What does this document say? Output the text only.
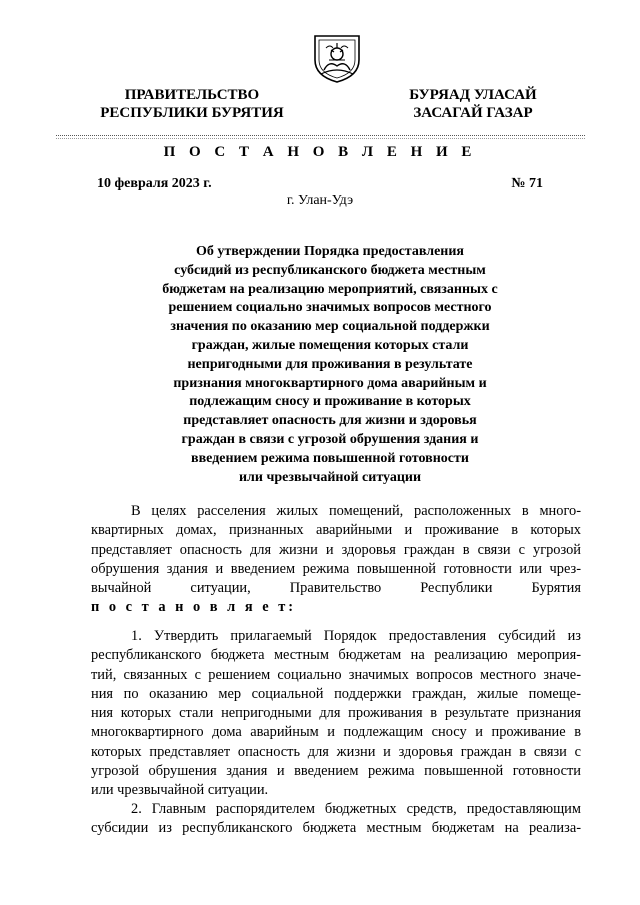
ПРАВИТЕЛЬСТВО
РЕСПУБЛИКИ БУРЯТИЯ
БУРЯАД УЛАСАЙ
ЗАСАГАЙ ГАЗАР
П О С Т А Н О В Л Е Н И Е
10 февраля 2023 г.	№ 71
г. Улан-Удэ
Об утверждении Порядка предоставления
субсидий из республиканского бюджета местным
бюджетам на реализацию мероприятий, связанных с
решением социально значимых вопросов местного
значения по оказанию мер социальной поддержки
граждан, жилые помещения которых стали
непригодными для проживания в результате
признания многоквартирного дома аварийным и
подлежащим сносу и проживание в которых
представляет опасность для жизни и здоровья
граждан в связи с угрозой обрушения здания и
введением режима повышенной готовности
или чрезвычайной ситуации
В целях расселения жилых помещений, расположенных в много-
квартирных домах, признанных аварийными и проживание в которых
представляет опасность для жизни и здоровья граждан в связи с угрозой
обрушения здания и введением режима повышенной готовности или чрез-
вычайной ситуации, Правительство Республики Бурятия
п о с т а н о в л я е т:
1. Утвердить прилагаемый Порядок предоставления субсидий из
республиканского бюджета местным бюджетам на реализацию мероприя-
тий, связанных с решением социально значимых вопросов местного значе-
ния по оказанию мер социальной поддержки граждан, жилые помеще-
ния которых стали непригодными для проживания в результате признания
многоквартирного дома аварийным и подлежащим сносу и проживание в
которых представляет опасность для жизни и здоровья граждан в связи с
угрозой обрушения здания и введением режима повышенной готовности
или чрезвычайной ситуации.
2. Главным распорядителем бюджетных средств, предоставляющим
субсидии из республиканского бюджета местным бюджетам на реализа-
